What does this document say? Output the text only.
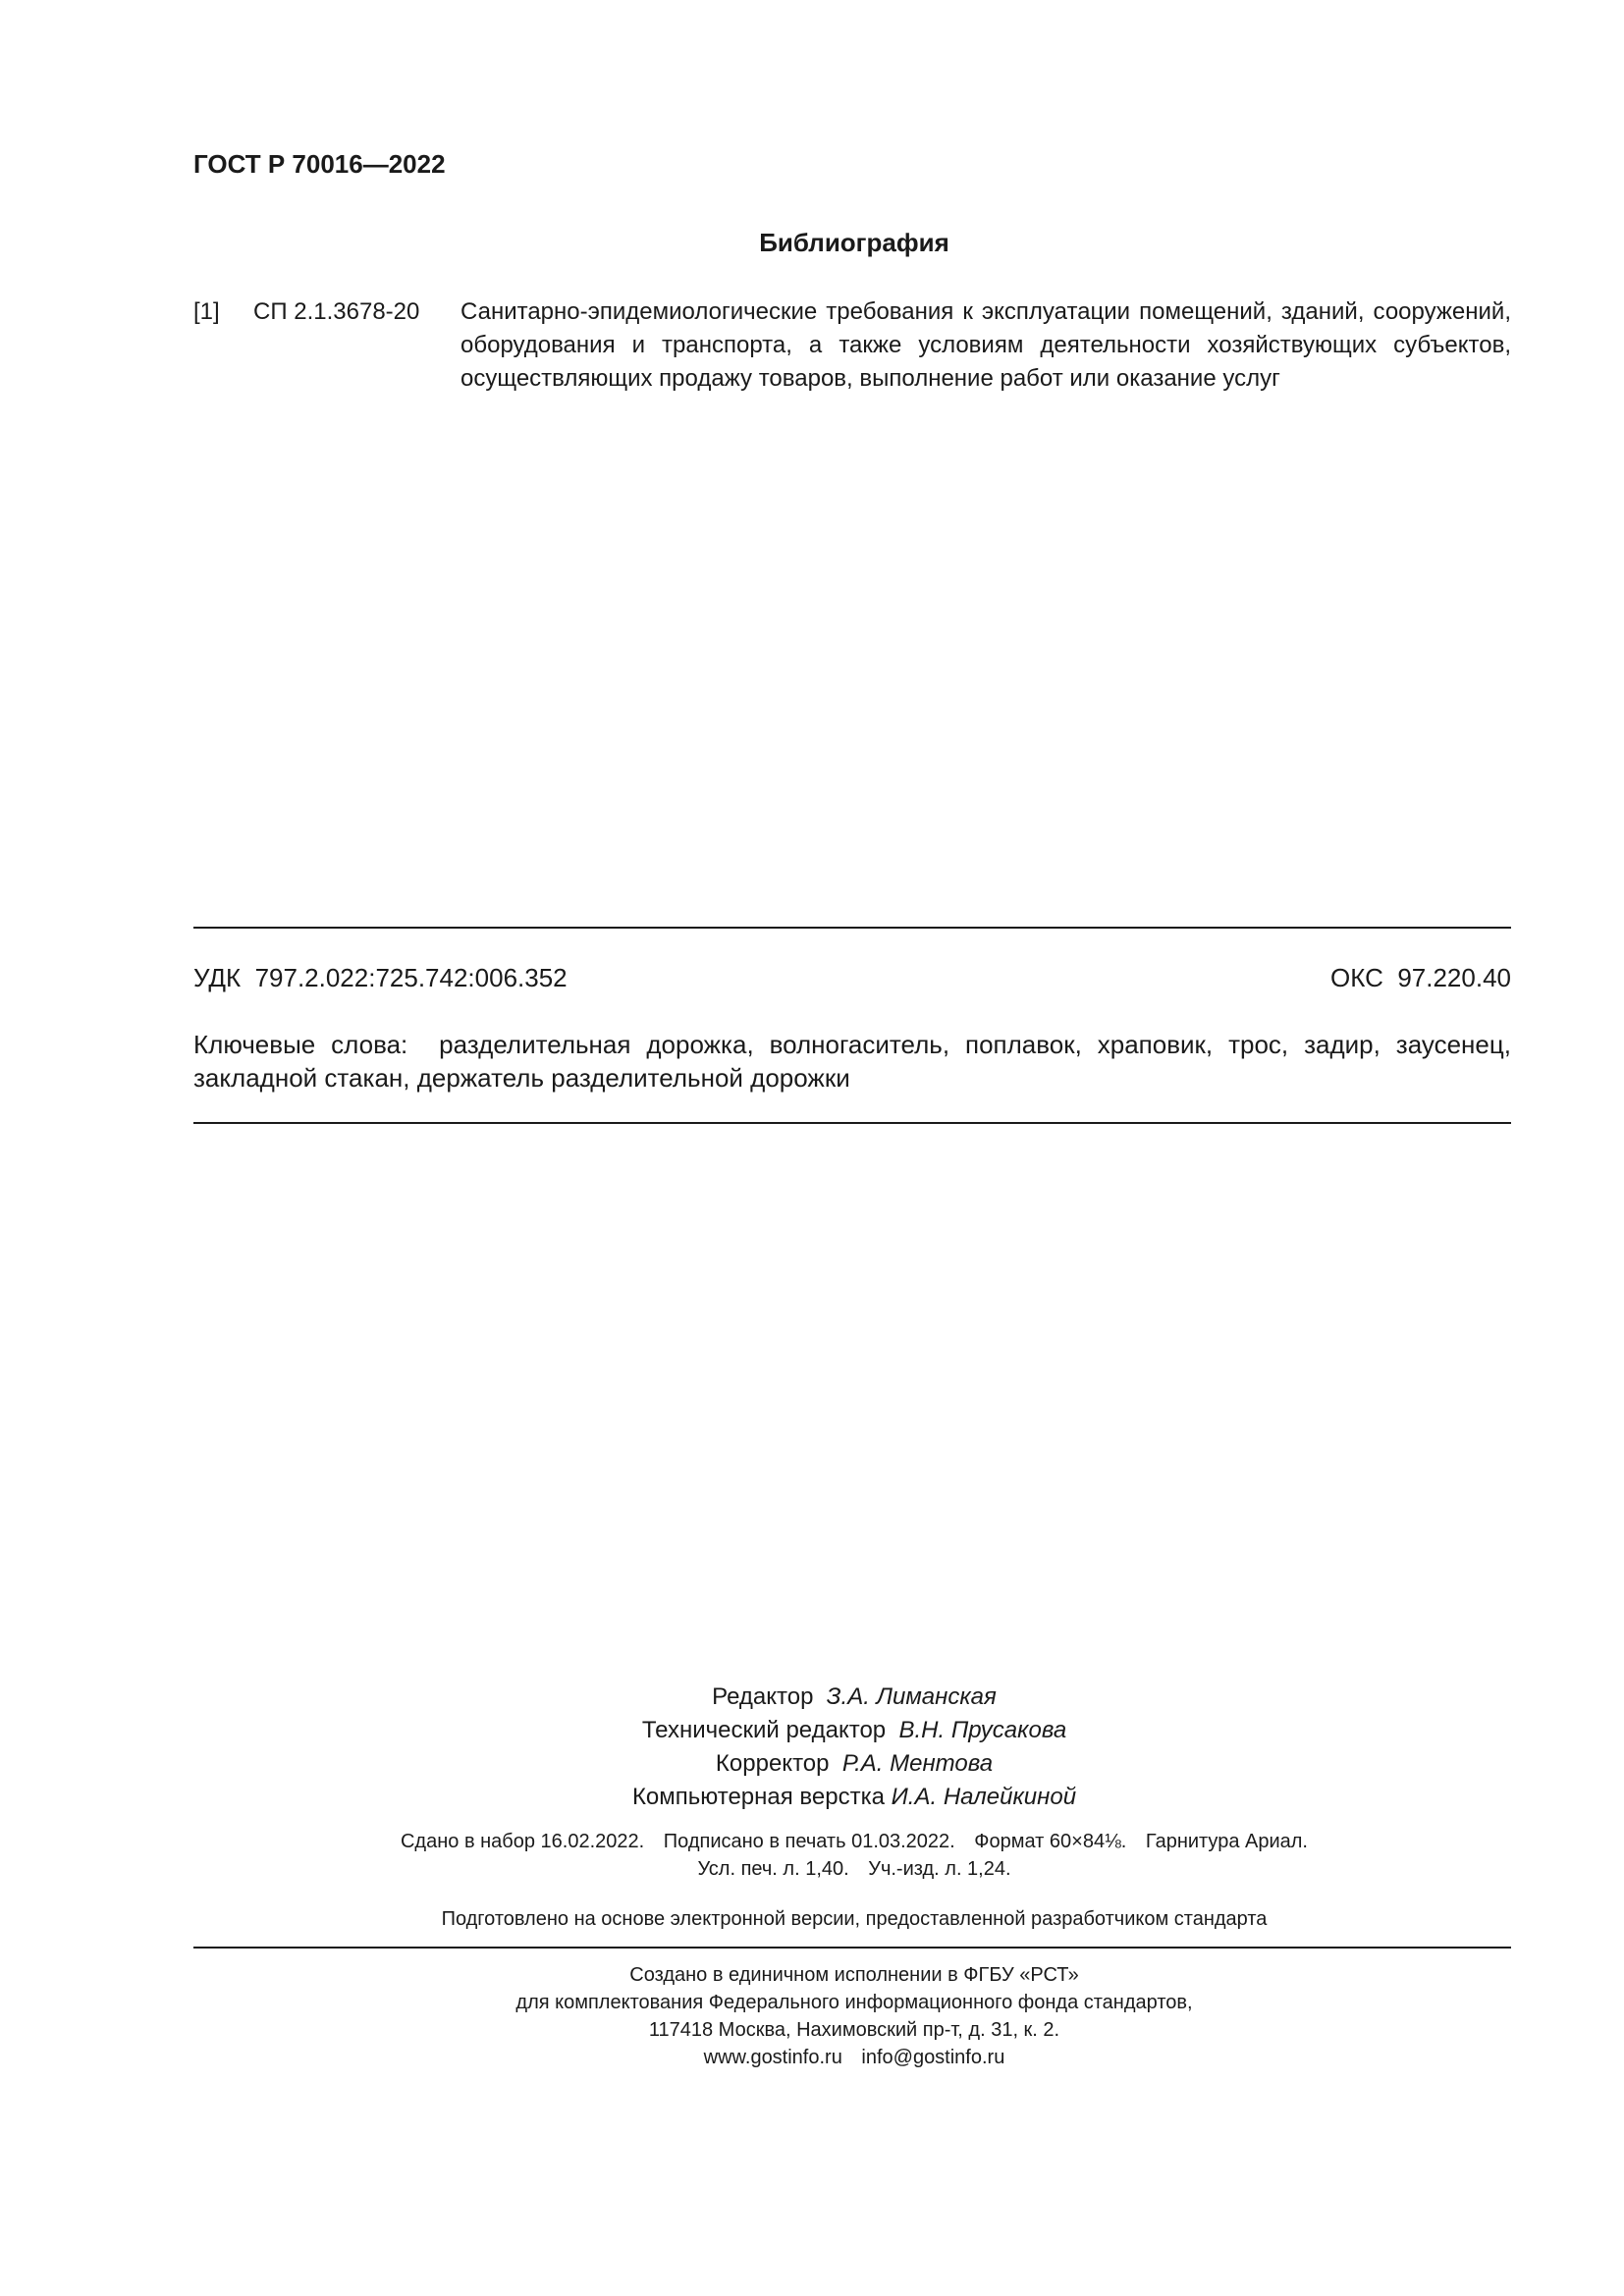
ГОСТ Р 70016—2022
Библиография
[1] СП 2.1.3678-20 Санитарно-эпидемиологические требования к эксплуатации помещений, зданий, сооружений, оборудования и транспорта, а также условиям деятельности хозяйствующих субъектов, осуществляющих продажу товаров, выполнение работ или оказание услуг
УДК 797.2.022:725.742:006.352	ОКС 97.220.40
Ключевые слова: разделительная дорожка, волногаситель, поплавок, храповик, трос, задир, заусенец, закладной стакан, держатель разделительной дорожки
Редактор З.А. Лиманская
Технический редактор В.Н. Прусакова
Корректор Р.А. Ментова
Компьютерная верстка И.А. Налейкиной
Сдано в набор 16.02.2022. Подписано в печать 01.03.2022. Формат 60×84⅛. Гарнитура Ариал.
Усл. печ. л. 1,40. Уч.-изд. л. 1,24.
Подготовлено на основе электронной версии, предоставленной разработчиком стандарта
Создано в единичном исполнении в ФГБУ «РСТ»
для комплектования Федерального информационного фонда стандартов,
117418 Москва, Нахимовский пр-т, д. 31, к. 2.
www.gostinfo.ru info@gostinfo.ru
